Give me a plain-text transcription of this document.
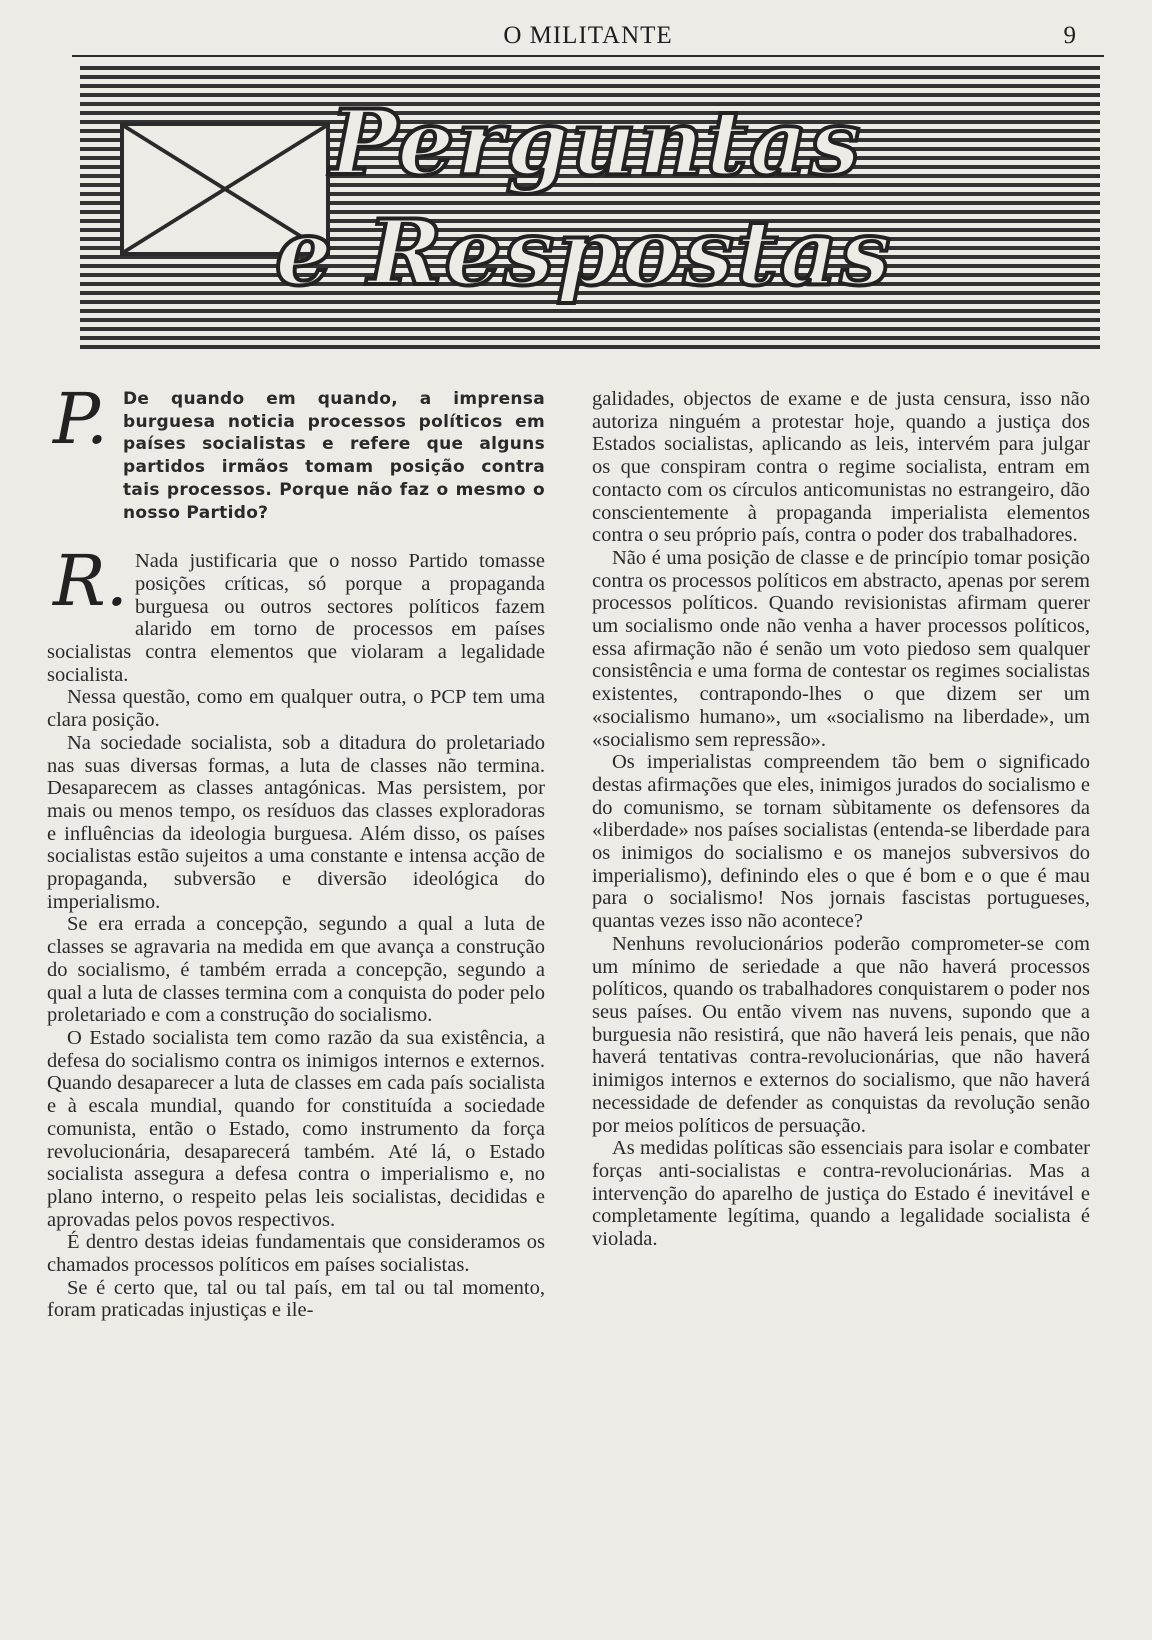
O MILITANTE	9
Perguntas
e Respostas
P. De quando em quando, a imprensa burguesa noticia processos políticos em países socialistas e refere que alguns partidos irmãos tomam posição contra tais processos. Porque não faz o mesmo o nosso Partido?

R. Nada justificaria que o nosso Partido tomasse posições críticas, só porque a propaganda burguesa ou outros sectores políticos fazem alarido em torno de processos em países socialistas contra elementos que violaram a legalidade socialista.

Nessa questão, como em qualquer outra, o PCP tem uma clara posição.

Na sociedade socialista, sob a ditadura do proletariado nas suas diversas formas, a luta de classes não termina. Desaparecem as classes antagónicas. Mas persistem, por mais ou menos tempo, os resíduos das classes exploradoras e influências da ideologia burguesa. Além disso, os países socialistas estão sujeitos a uma constante e intensa acção de propaganda, subversão e diversão ideológica do imperialismo.

Se era errada a concepção, segundo a qual a luta de classes se agravaria na medida em que avança a construção do socialismo, é também errada a concepção, segundo a qual a luta de classes termina com a conquista do poder pelo proletariado e com a construção do socialismo.

O Estado socialista tem como razão da sua existência, a defesa do socialismo contra os inimigos internos e externos. Quando desaparecer a luta de classes em cada país socialista e à escala mundial, quando for constituída a sociedade comunista, então o Estado, como instrumento da força revolucionária, desaparecerá também. Até lá, o Estado socialista assegura a defesa contra o imperialismo e, no plano interno, o respeito pelas leis socialistas, decididas e aprovadas pelos povos respectivos.

É dentro destas ideias fundamentais que consideramos os chamados processos políticos em países socialistas.

Se é certo que, tal ou tal país, em tal ou tal momento, foram praticadas injustiças e ile-

galidades, objectos de exame e de justa censura, isso não autoriza ninguém a protestar hoje, quando a justiça dos Estados socialistas, aplicando as leis, intervém para julgar os que conspiram contra o regime socialista, entram em contacto com os círculos anticomunistas no estrangeiro, dão conscientemente à propaganda imperialista elementos contra o seu próprio país, contra o poder dos trabalhadores.

Não é uma posição de classe e de princípio tomar posição contra os processos políticos em abstracto, apenas por serem processos políticos. Quando revisionistas afirmam querer um socialismo onde não venha a haver processos políticos, essa afirmação não é senão um voto piedoso sem qualquer consistência e uma forma de contestar os regimes socialistas existentes, contrapondo-lhes o que dizem ser um «socialismo humano», um «socialismo na liberdade», um «socialismo sem repressão».

Os imperialistas compreendem tão bem o significado destas afirmações que eles, inimigos jurados do socialismo e do comunismo, se tornam sùbitamente os defensores da «liberdade» nos países socialistas (entenda-se liberdade para os inimigos do socialismo e os manejos subversivos do imperialismo), definindo eles o que é bom e o que é mau para o socialismo! Nos jornais fascistas portugueses, quantas vezes isso não acontece?

Nenhuns revolucionários poderão comprometer-se com um mínimo de seriedade a que não haverá processos políticos, quando os trabalhadores conquistarem o poder nos seus países. Ou então vivem nas nuvens, supondo que a burguesia não resistirá, que não haverá leis penais, que não haverá tentativas contra-revolucionárias, que não haverá inimigos internos e externos do socialismo, que não haverá necessidade de defender as conquistas da revolução senão por meios políticos de persuação.

As medidas políticas são essenciais para isolar e combater forças anti-socialistas e contra-revolucionárias. Mas a intervenção do aparelho de justiça do Estado é inevitável e completamente legítima, quando a legalidade socialista é violada.
